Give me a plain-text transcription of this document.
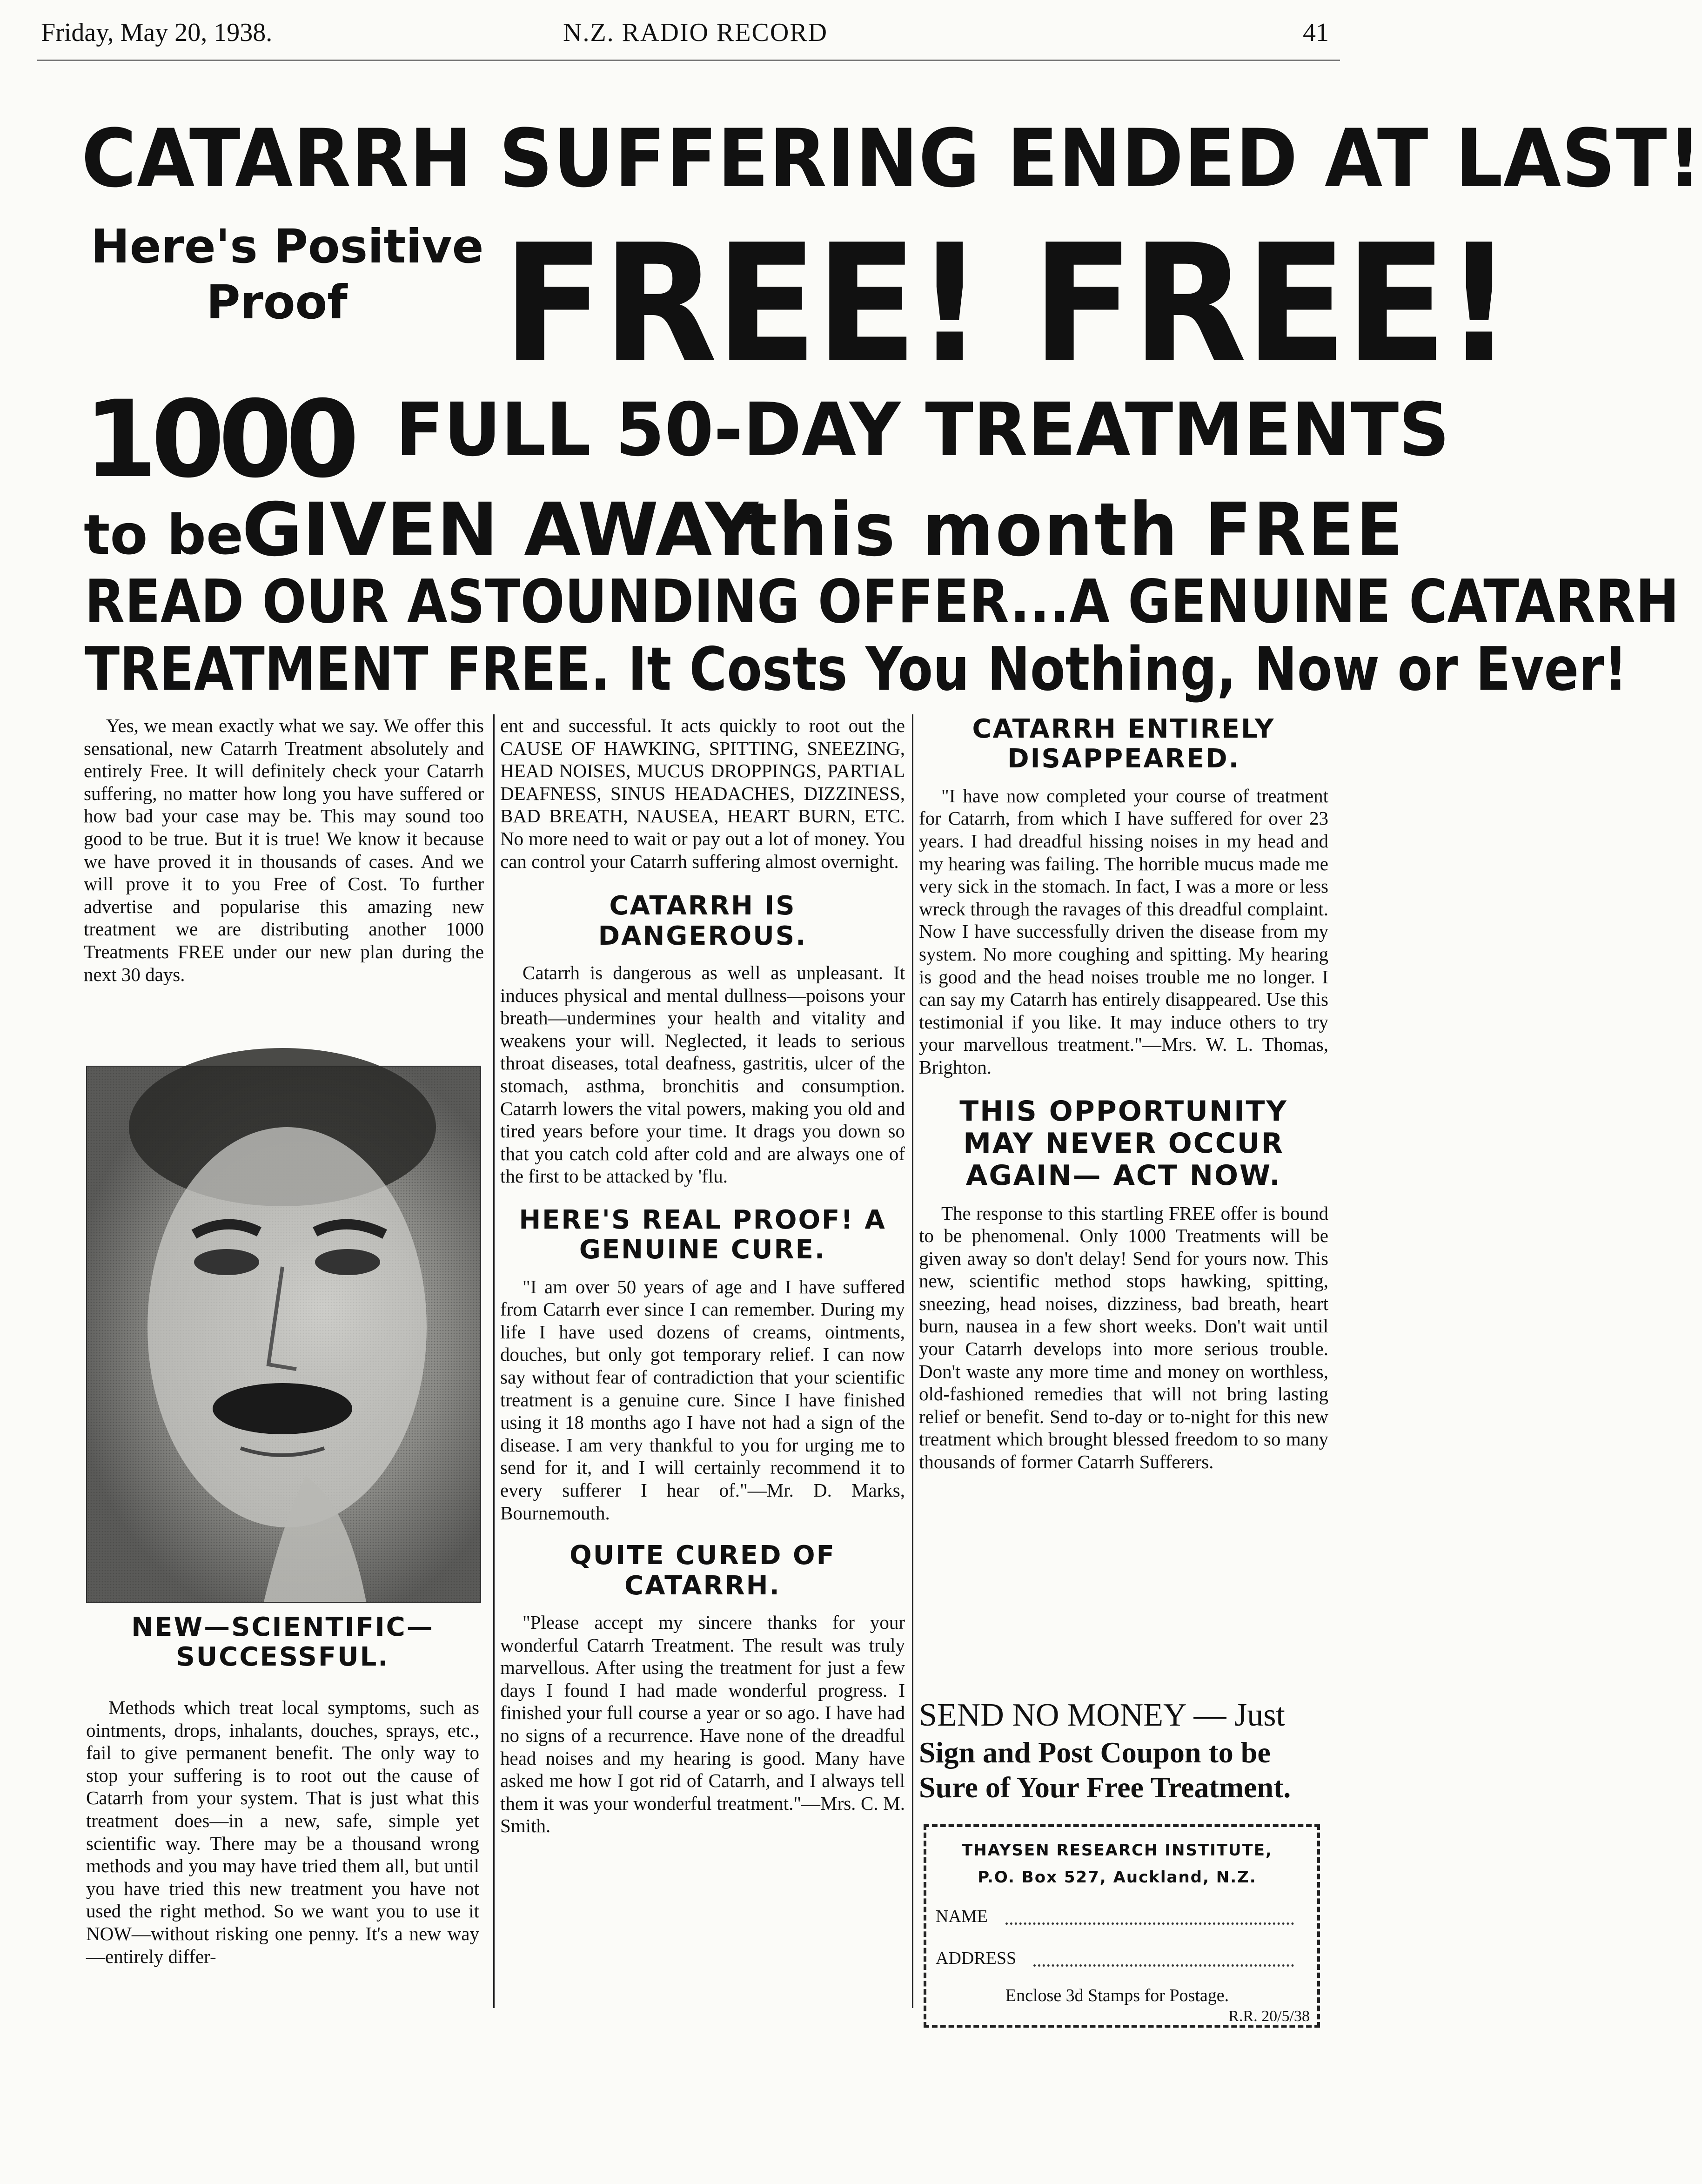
Friday, May 20, 1938.	N.Z. RADIO RECORD	41
CATARRH SUFFERING ENDED AT LAST!
Here's Positive
Proof FREE! FREE!
1000 FULL 50-DAY TREATMENTS
to be
GIVEN AWAY
this month FREE
READ OUR ASTOUNDING OFFER...A GENUINE CATARRH
TREATMENT FREE. It Costs You Nothing, Now or Ever!

Yes, we mean exactly what we say. We offer this sensational, new Catarrh Treatment absolutely and entirely Free. It will definitely check your Catarrh suffering, no matter how long you have suffered or how bad your case may be. This may sound too good to be true. But it is true! We know it because we have proved it in thousands of cases. And we will prove it to you Free of Cost. To further advertise and popularise this amazing new treatment we are distributing another 1000 Treatments FREE under our new plan during the next 30 days.

NEW—SCIENTIFIC— SUCCESSFUL.

Methods which treat local symptoms, such as ointments, drops, inhalants, douches, sprays, etc., fail to give permanent benefit. The only way to stop your suffering is to root out the cause of Catarrh from your system. That is just what this treatment does—in a new, safe, simple yet scientific way. There may be a thousand wrong methods and you may have tried them all, but until you have tried this new treatment you have not used the right method. So we want you to use it NOW—without risking one penny. It's a new way—entirely differ-

ent and successful. It acts quickly to root out the CAUSE OF HAWKING, SPITTING, SNEEZING, HEAD NOISES, MUCUS DROPPINGS, PARTIAL DEAFNESS, SINUS HEADACHES, DIZZINESS, BAD BREATH, NAUSEA, HEART BURN, ETC. No more need to wait or pay out a lot of money. You can control your Catarrh suffering almost overnight.

CATARRH IS DANGEROUS.

Catarrh is dangerous as well as unpleasant. It induces physical and mental dullness—poisons your breath—undermines your health and vitality and weakens your will. Neglected, it leads to serious throat diseases, total deafness, gastritis, ulcer of the stomach, asthma, bronchitis and consumption. Catarrh lowers the vital powers, making you old and tired years before your time. It drags you down so that you catch cold after cold and are always one of the first to be attacked by 'flu.

HERE'S REAL PROOF! A GENUINE CURE.

"I am over 50 years of age and I have suffered from Catarrh ever since I can remember. During my life I have used dozens of creams, ointments, douches, but only got temporary relief. I can now say without fear of contradiction that your scientific treatment is a genuine cure. Since I have finished using it 18 months ago I have not had a sign of the disease. I am very thankful to you for urging me to send for it, and I will certainly recommend it to every sufferer I hear of."—Mr. D. Marks, Bournemouth.

QUITE CURED OF CATARRH.

"Please accept my sincere thanks for your wonderful Catarrh Treatment. The result was truly marvellous. After using the treatment for just a few days I found I had made wonderful progress. I finished your full course a year or so ago. I have had no signs of a recurrence. Have none of the dreadful head noises and my hearing is good. Many have asked me how I got rid of Catarrh, and I always tell them it was your wonderful treatment."—Mrs. C. M. Smith.

CATARRH ENTIRELY DISAPPEARED.

"I have now completed your course of treatment for Catarrh, from which I have suffered for over 23 years. I had dreadful hissing noises in my head and my hearing was failing. The horrible mucus made me very sick in the stomach. In fact, I was a more or less wreck through the ravages of this dreadful complaint. Now I have successfully driven the disease from my system. No more coughing and spitting. My hearing is good and the head noises trouble me no longer. I can say my Catarrh has entirely disappeared. Use this testimonial if you like. It may induce others to try your marvellous treatment."—Mrs. W. L. Thomas, Brighton.

THIS OPPORTUNITY MAY NEVER OCCUR AGAIN— ACT NOW.

The response to this startling FREE offer is bound to be phenomenal. Only 1000 Treatments will be given away so don't delay! Send for yours now. This new, scientific method stops hawking, spitting, sneezing, head noises, dizziness, bad breath, heart burn, nausea in a few short weeks. Don't wait until your Catarrh develops into more serious trouble. Don't waste any more time and money on worthless, old-fashioned remedies that will not bring lasting relief or benefit. Send to-day or to-night for this new treatment which brought blessed freedom to so many thousands of former Catarrh Sufferers.

SEND NO MONEY — Just
Sign and Post Coupon to be
Sure of Your Free Treatment.
THAYSEN RESEARCH INSTITUTE,
P.O. Box 527, Auckland, N.Z.
NAME
ADDRESS
Enclose 3d Stamps for Postage.
R.R. 20/5/38
